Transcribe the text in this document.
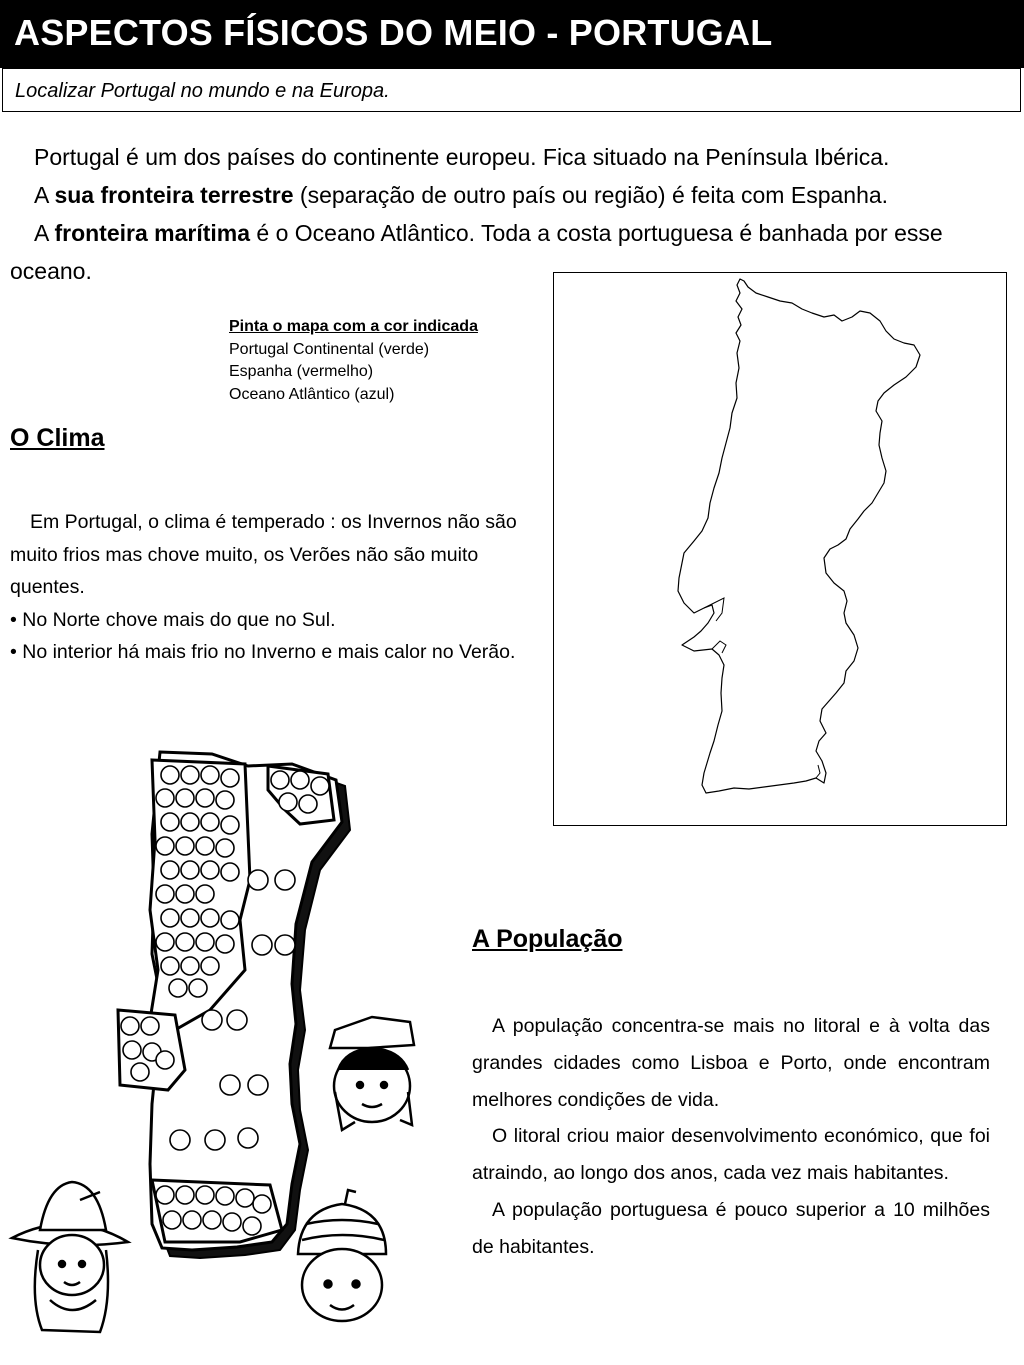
ASPECTOS FÍSICOS DO MEIO - PORTUGAL
Localizar Portugal no mundo e na Europa.

Portugal é um dos países do continente europeu. Fica situado na Península Ibérica.

A sua fronteira terrestre (separação de outro país ou região) é feita com Espanha.

A fronteira marítima é o Oceano Atlântico. Toda a costa portuguesa é banhada por esse oceano.

Pinta o mapa com a cor indicada
Portugal Continental (verde)
Espanha (vermelho)
Oceano Atlântico (azul)
O Clima

Em Portugal, o clima é temperado : os Invernos não são muito frios mas chove muito, os Verões não são muito quentes.

• No Norte chove mais do que no Sul.

• No interior há mais frio no Inverno e mais calor no Verão.

A População

A população concentra-se mais no litoral e à volta das grandes cidades como Lisboa e Porto, onde encontram melhores condições de vida.

O litoral criou maior desenvolvimento económico, que foi atraindo, ao longo dos anos, cada vez mais habitantes.

A população portuguesa é pouco superior a 10 milhões de habitantes.
